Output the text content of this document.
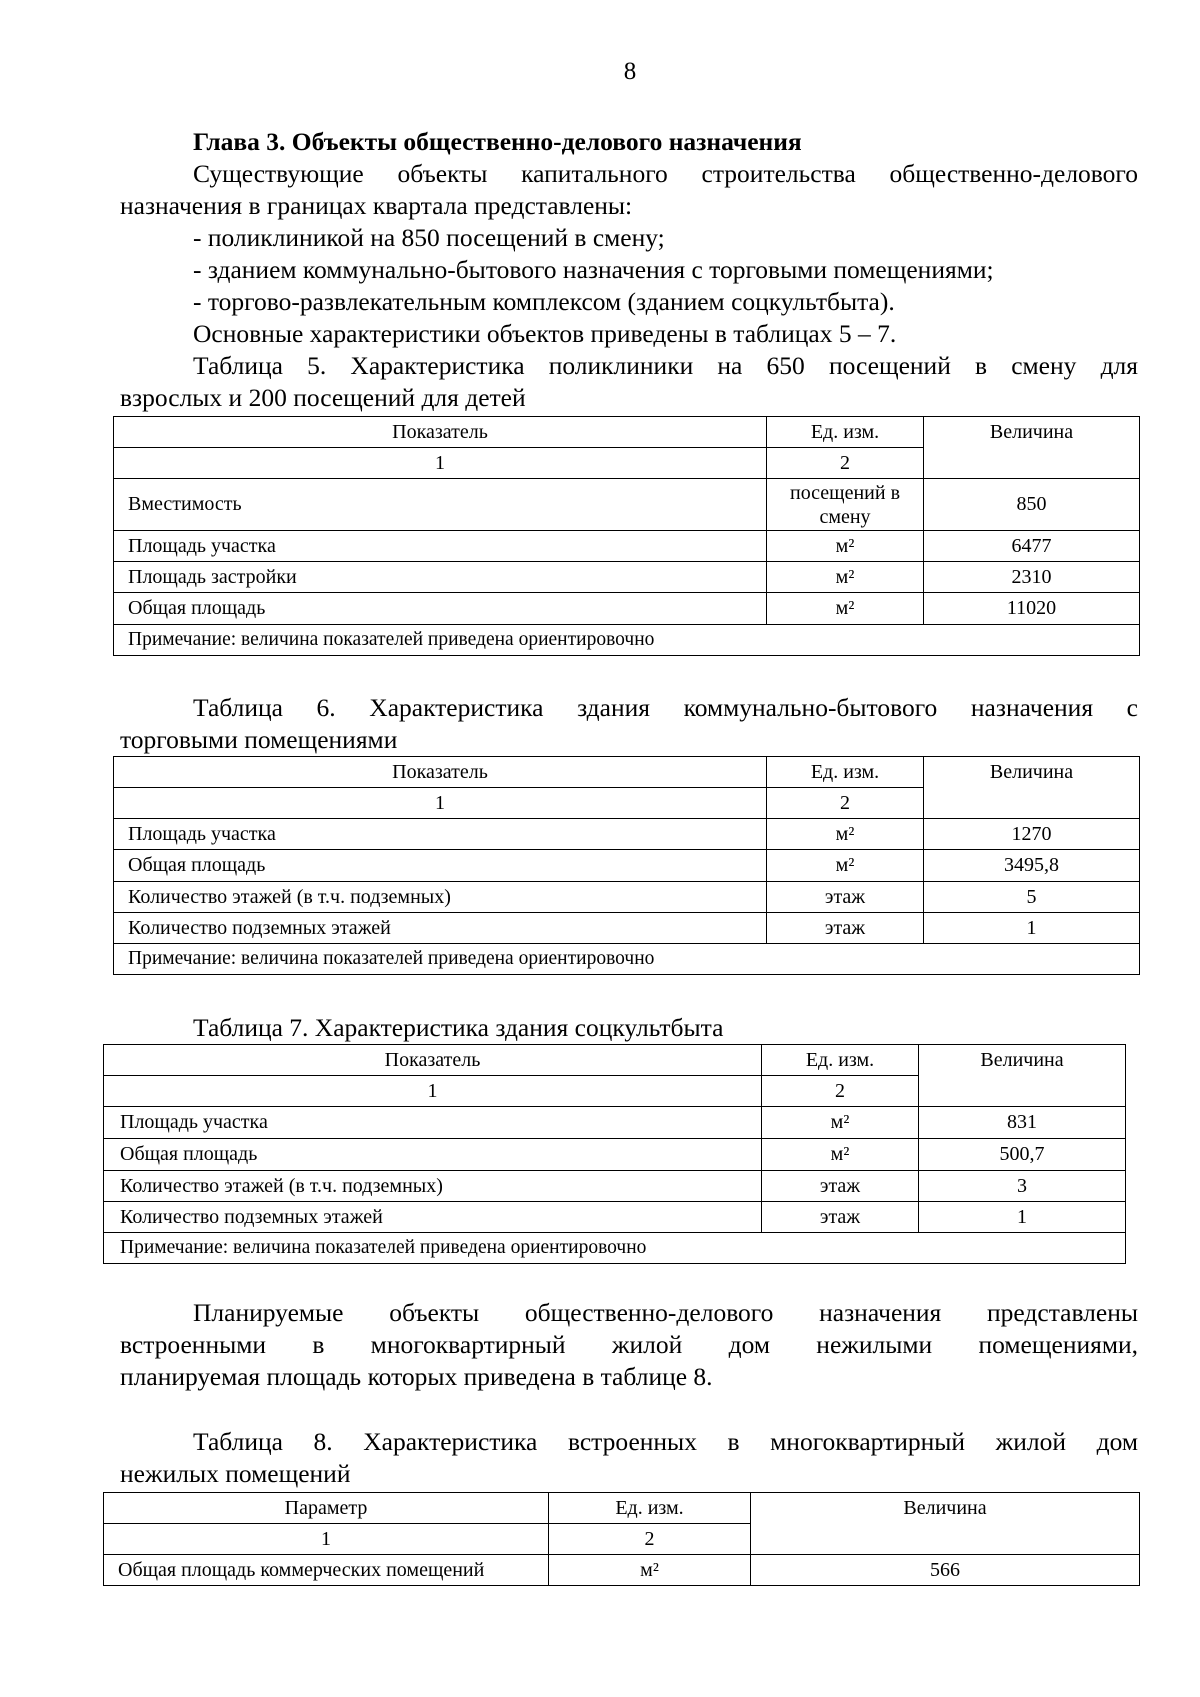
8
Глава 3. Объекты общественно-делового назначения
Существующие объекты капитального строительства общественно-делового
назначения в границах квартала представлены:
- поликлиникой на 850 посещений в смену;
- зданием коммунально-бытового назначения с торговыми помещениями;
- торгово-развлекательным комплексом (зданием соцкультбыта).
Основные характеристики объектов приведены в таблицах 5 – 7.
Таблица 5. Характеристика поликлиники на 650 посещений в смену для
взрослых и 200 посещений для детей
Показатель	Ед. изм.	Величина
1	2	
Вместимость	посещений в смену	850
Площадь участка	м²	6477
Площадь застройки	м²	2310
Общая площадь	м²	11020
Примечание: величина показателей приведена ориентировочно		
Таблица 6. Характеристика здания коммунально-бытового назначения с
торговыми помещениями
Показатель	Ед. изм.	Величина
1	2	
Площадь участка	м²	1270
Общая площадь	м²	3495,8
Количество этажей (в т.ч. подземных)	этаж	5
Количество подземных этажей	этаж	1
Примечание: величина показателей приведена ориентировочно		
Таблица 7. Характеристика здания соцкультбыта
Показатель	Ед. изм.	Величина
1	2	
Площадь участка	м²	831
Общая площадь	м²	500,7
Количество этажей (в т.ч. подземных)	этаж	3
Количество подземных этажей	этаж	1
Примечание: величина показателей приведена ориентировочно		
Планируемые объекты общественно-делового назначения представлены
встроенными в многоквартирный жилой дом нежилыми помещениями,
планируемая площадь которых приведена в таблице 8.
Таблица 8. Характеристика встроенных в многоквартирный жилой дом
нежилых помещений
Параметр	Ед. изм.	Величина
1	2	
Общая площадь коммерческих помещений	м²	566
